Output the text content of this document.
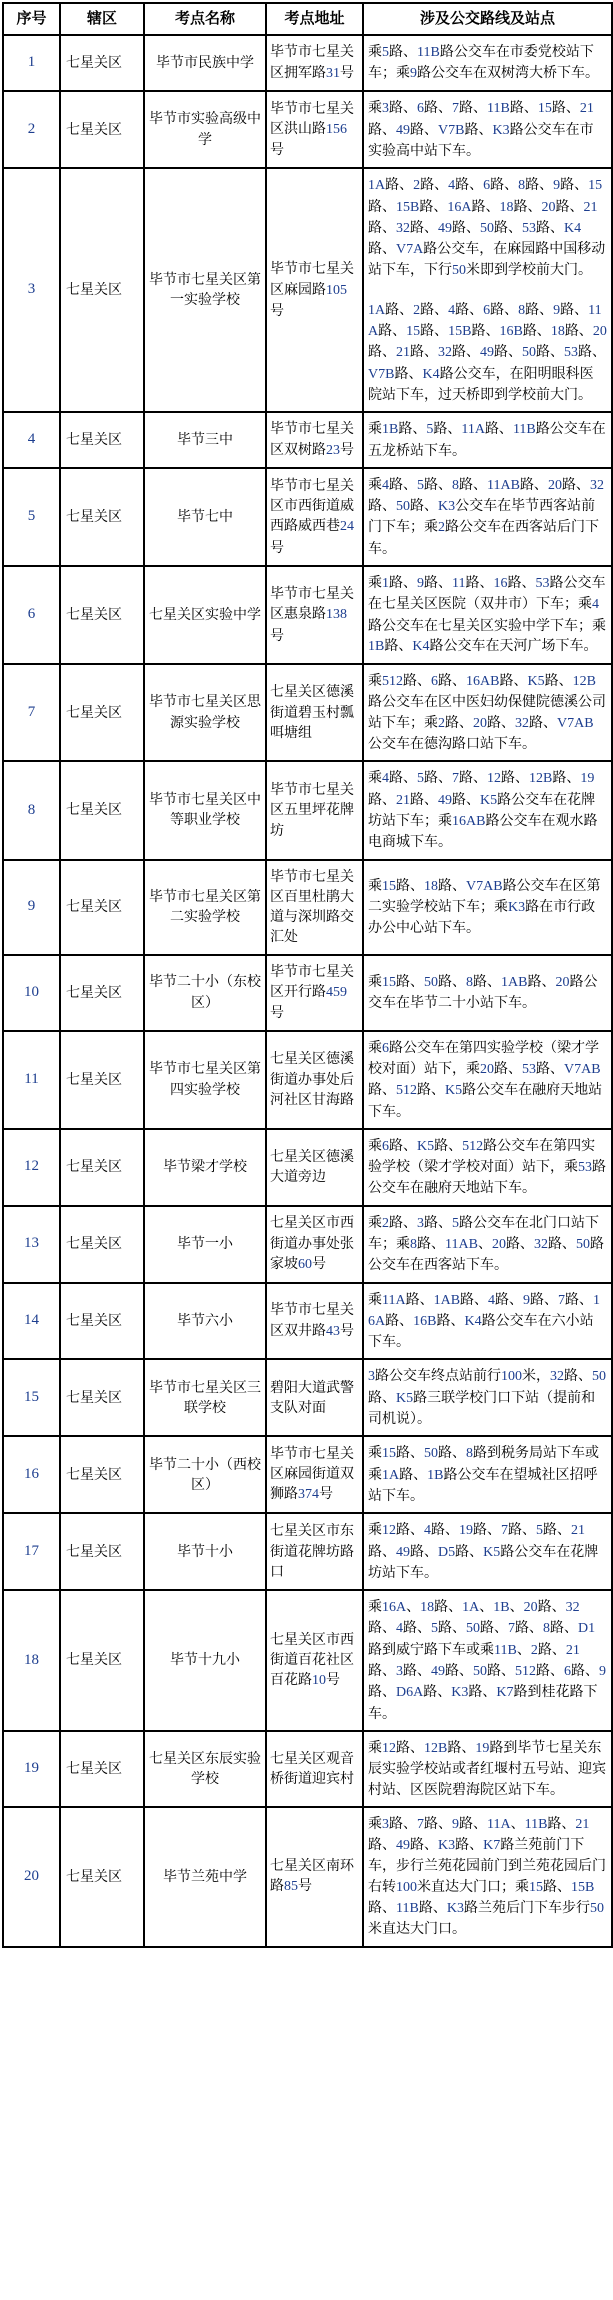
序号	辖区	考点名称	考点地址	涉及公交路线及站点
1	七星关区	毕节市民族中学	毕节市七星关区拥军路31号	乘5路、11B路公交车在市委党校站下车；乘9路公交车在双树湾大桥下车。

2	七星关区	毕节市实验高级中学	毕节市七星关区洪山路156号	乘3路、6路、7路、11B路、15路、21路、49路、V7B路、K3路公交车在市实验高中站下车。

3	七星关区	毕节市七星关区第一实验学校	毕节市七星关区麻园路105号	1A路、2路、4路、6路、8路、9路、15路、15B路、16A路、18路、20路、21路、32路、49路、50路、53路、K4路、V7A路公交车，在麻园路中国移动站下车，下行50米即到学校前大门。

1A路、2路、4路、6路、8路、9路、11A路、15路、15B路、16B路、18路、20路、21路、32路、49路、50路、53路、V7B路、K4路公交车，在阳明眼科医院站下车，过天桥即到学校前大门。

4	七星关区	毕节三中	毕节市七星关区双树路23号	乘1B路、5路、11A路、11B路公交车在五龙桥站下车。

5	七星关区	毕节七中	毕节市七星关区市西街道威西路威西巷24号	乘4路、5路、8路、11AB路、20路、32路、50路、K3公交车在毕节西客站前门下车；乘2路公交车在西客站后门下车。

6	七星关区	七星关区实验中学	毕节市七星关区惠泉路138号	乘1路、9路、11路、16路、53路公交车在七星关区医院（双井市）下车；乘4路公交车在七星关区实验中学下车；乘1B路、K4路公交车在天河广场下车。

7	七星关区	毕节市七星关区思源实验学校	七星关区德溪街道碧玉村瓢咡塘组	乘512路、6路、16AB路、K5路、12B路公交车在区中医妇幼保健院德溪公司站下车；乘2路、20路、32路、V7AB公交车在德沟路口站下车。

8	七星关区	毕节市七星关区中等职业学校	毕节市七星关区五里坪花牌坊	乘4路、5路、7路、12路、12B路、19路、21路、49路、K5路公交车在花牌坊站下车；乘16AB路公交车在观水路电商城下车。

9	七星关区	毕节市七星关区第二实验学校	毕节市七星关区百里杜鹃大道与深圳路交汇处	乘15路、18路、V7AB路公交车在区第二实验学校站下车；乘K3路在市行政办公中心站下车。

10	七星关区	毕节二十小（东校区）	毕节市七星关区开行路459号	乘15路、50路、8路、1AB路、20路公交车在毕节二十小站下车。

11	七星关区	毕节市七星关区第四实验学校	七星关区德溪街道办事处后河社区甘海路	乘6路公交车在第四实验学校（梁才学校对面）站下，乘20路、53路、V7AB路、512路、K5路公交车在融府天地站下车。

12	七星关区	毕节梁才学校	七星关区德溪大道旁边	乘6路、K5路、512路公交车在第四实验学校（梁才学校对面）站下，乘53路公交车在融府天地站下车。

13	七星关区	毕节一小	七星关区市西街道办事处张家坡60号	乘2路、3路、5路公交车在北门口站下车；乘8路、11AB、20路、32路、50路公交车在西客站下车。

14	七星关区	毕节六小	毕节市七星关区双井路43号	乘11A路、1AB路、4路、9路、7路、16A路、16B路、K4路公交车在六小站下车。

15	七星关区	毕节市七星关区三联学校	碧阳大道武警支队对面	3路公交车终点站前行100米，32路、50路、K5路三联学校门口下站（提前和司机说）。

16	七星关区	毕节二十小（西校区）	毕节市七星关区麻园街道双狮路374号	乘15路、50路、8路到税务局站下车或乘1A路、1B路公交车在望城社区招呼站下车。

17	七星关区	毕节十小	七星关区市东街道花牌坊路口	乘12路、4路、19路、7路、5路、21路、49路、D5路、K5路公交车在花牌坊站下车。

18	七星关区	毕节十九小	七星关区市西街道百花社区百花路10号	乘16A、18路、1A、1B、20路、32路、4路、5路、50路、7路、8路、D1路到威宁路下车或乘11B、2路、21路、3路、49路、50路、512路、6路、9路、D6A路、K3路、K7路到桂花路下车。

19	七星关区	七星关区东辰实验学校	七星关区观音桥街道迎宾村	乘12路、12B路、19路到毕节七星关东辰实验学校站或者红堰村五号站、迎宾村站、区医院碧海院区站下车。

20	七星关区	毕节兰苑中学	七星关区南环路85号	乘3路、7路、9路、11A、11B路、21路、49路、K3路、K7路兰苑前门下车，步行兰苑花园前门到兰苑花园后门右转100米直达大门口；乘15路、15B路、11B路、K3路兰苑后门下车步行50米直达大门口。
